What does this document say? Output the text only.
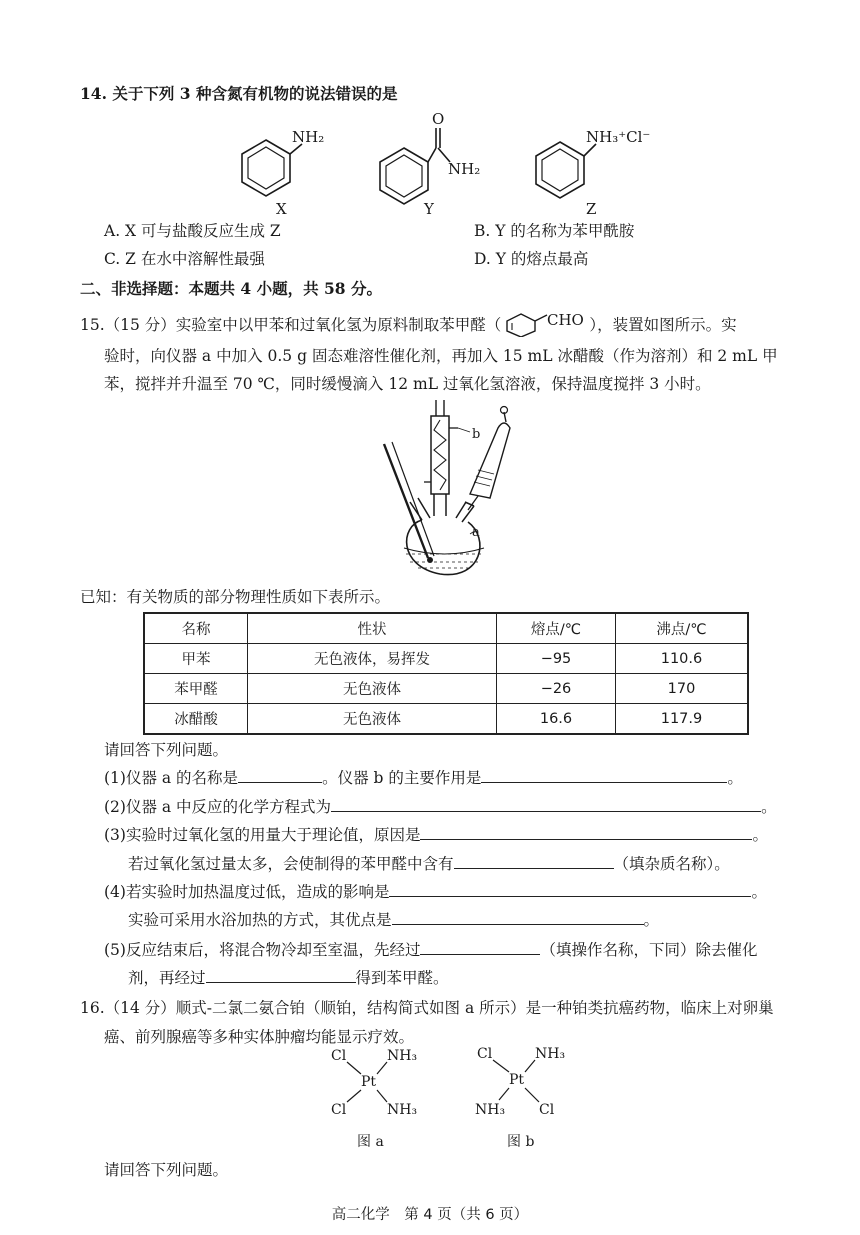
14. 关于下列 3 种含氮有机物的说法错误的是
NH₂
X
O
NH₂
Y
NH₃⁺Cl⁻
Z
A. X 可与盐酸反应生成 Z	B. Y 的名称为苯甲酰胺
C. Z 在水中溶解性最强	D. Y 的熔点最高
二、非选择题：本题共 4 小题，共 58 分。
15.（15 分）实验室中以甲苯和过氧化氢为原料制取苯甲醛（	CHO ），装置如图所示。实
验时，向仪器 a 中加入 0.5 g 固态难溶性催化剂，再加入 15 mL 冰醋酸（作为溶剂）和 2 mL 甲
苯，搅拌并升温至 70 ℃，同时缓慢滴入 12 mL 过氧化氢溶液，保持温度搅拌 3 小时。
b
a
已知：有关物质的部分物理性质如下表所示。
名称	性状	熔点/℃	沸点/℃
甲苯	无色液体，易挥发	−95	110.6
苯甲醛	无色液体	−26	170
冰醋酸	无色液体	16.6	117.9
请回答下列问题。
(1)仪器 a 的名称是	。仪器 b 的主要作用是	。
(2)仪器 a 中反应的化学方程式为	。
(3)实验时过氧化氢的用量大于理论值，原因是	。
若过氧化氢过量太多，会使制得的苯甲醛中含有	（填杂质名称）。
(4)若实验时加热温度过低，造成的影响是	。
实验可采用水浴加热的方式，其优点是	。
(5)反应结束后，将混合物冷却至室温，先经过	（填操作名称，下同）除去催化
剂，再经过	得到苯甲醛。
16.（14 分）顺式-二氯二氨合铂（顺铂，结构简式如图 a 所示）是一种铂类抗癌药物，临床上对卵巢
癌、前列腺癌等多种实体肿瘤均能显示疗效。
Cl	NH₃
Pt
Cl	NH₃
图 a
Cl	NH₃
Pt
NH₃ Cl
图 b
请回答下列问题。
高二化学　第 4 页（共 6 页）
